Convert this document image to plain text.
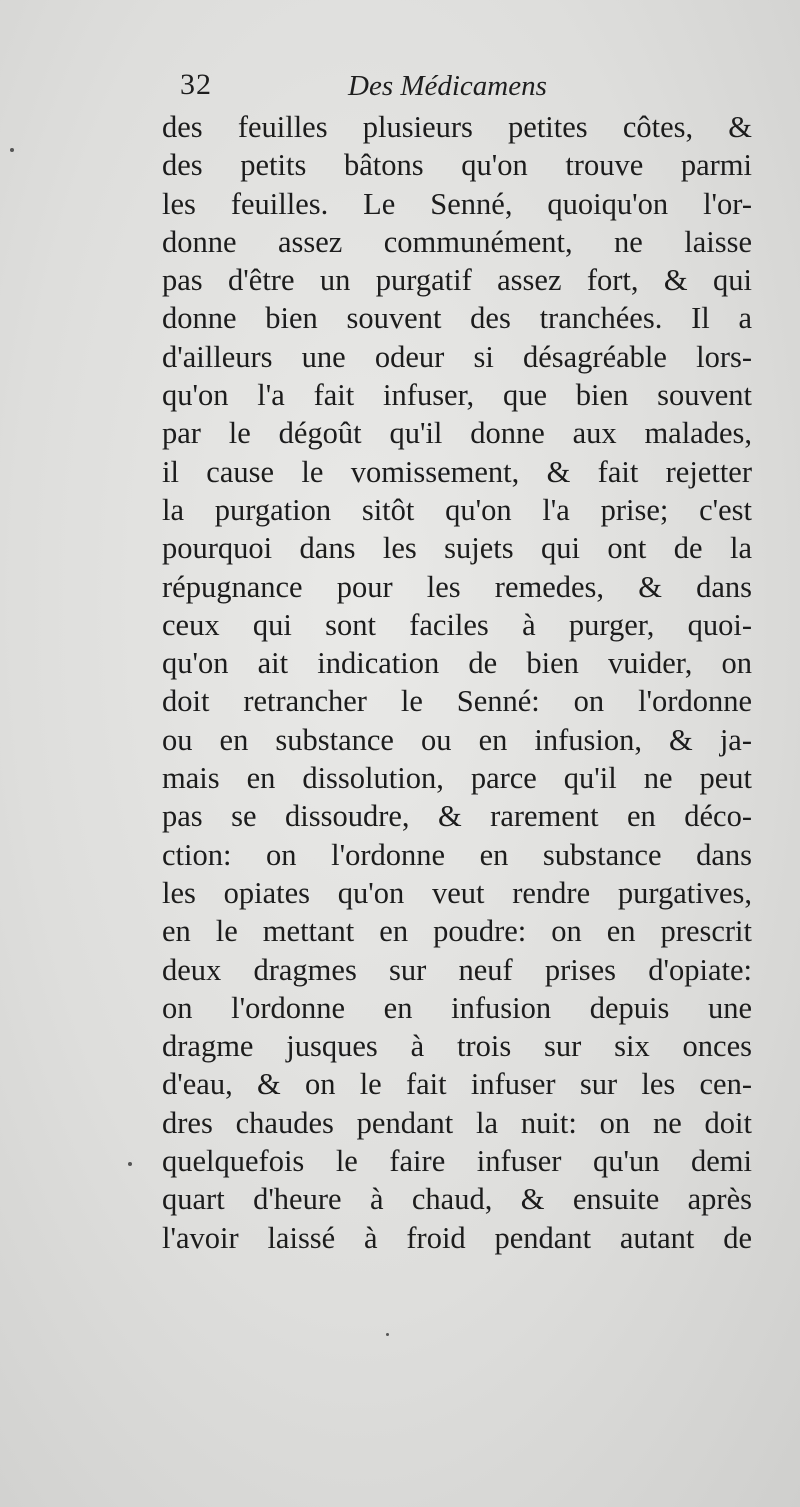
32	Des Médicamens
des feuilles plusieurs petites côtes, &
des petits bâtons qu'on trouve parmi
les feuilles. Le Senné, quoiqu'on l'or-
donne assez communément, ne laisse
pas d'être un purgatif assez fort, & qui
donne bien souvent des tranchées. Il a
d'ailleurs une odeur si désagréable lors-
qu'on l'a fait infuser, que bien souvent
par le dégoût qu'il donne aux malades,
il cause le vomissement, & fait rejetter
la purgation sitôt qu'on l'a prise; c'est
pourquoi dans les sujets qui ont de la
répugnance pour les remedes, & dans
ceux qui sont faciles à purger, quoi-
qu'on ait indication de bien vuider, on
doit retrancher le Senné: on l'ordonne
ou en substance ou en infusion, & ja-
mais en dissolution, parce qu'il ne peut
pas se dissoudre, & rarement en déco-
ction: on l'ordonne en substance dans
les opiates qu'on veut rendre purgatives,
en le mettant en poudre: on en prescrit
deux dragmes sur neuf prises d'opiate:
on l'ordonne en infusion depuis une
dragme jusques à trois sur six onces
d'eau, & on le fait infuser sur les cen-
dres chaudes pendant la nuit: on ne doit
quelquefois le faire infuser qu'un demi
quart d'heure à chaud, & ensuite après
l'avoir laissé à froid pendant autant de
